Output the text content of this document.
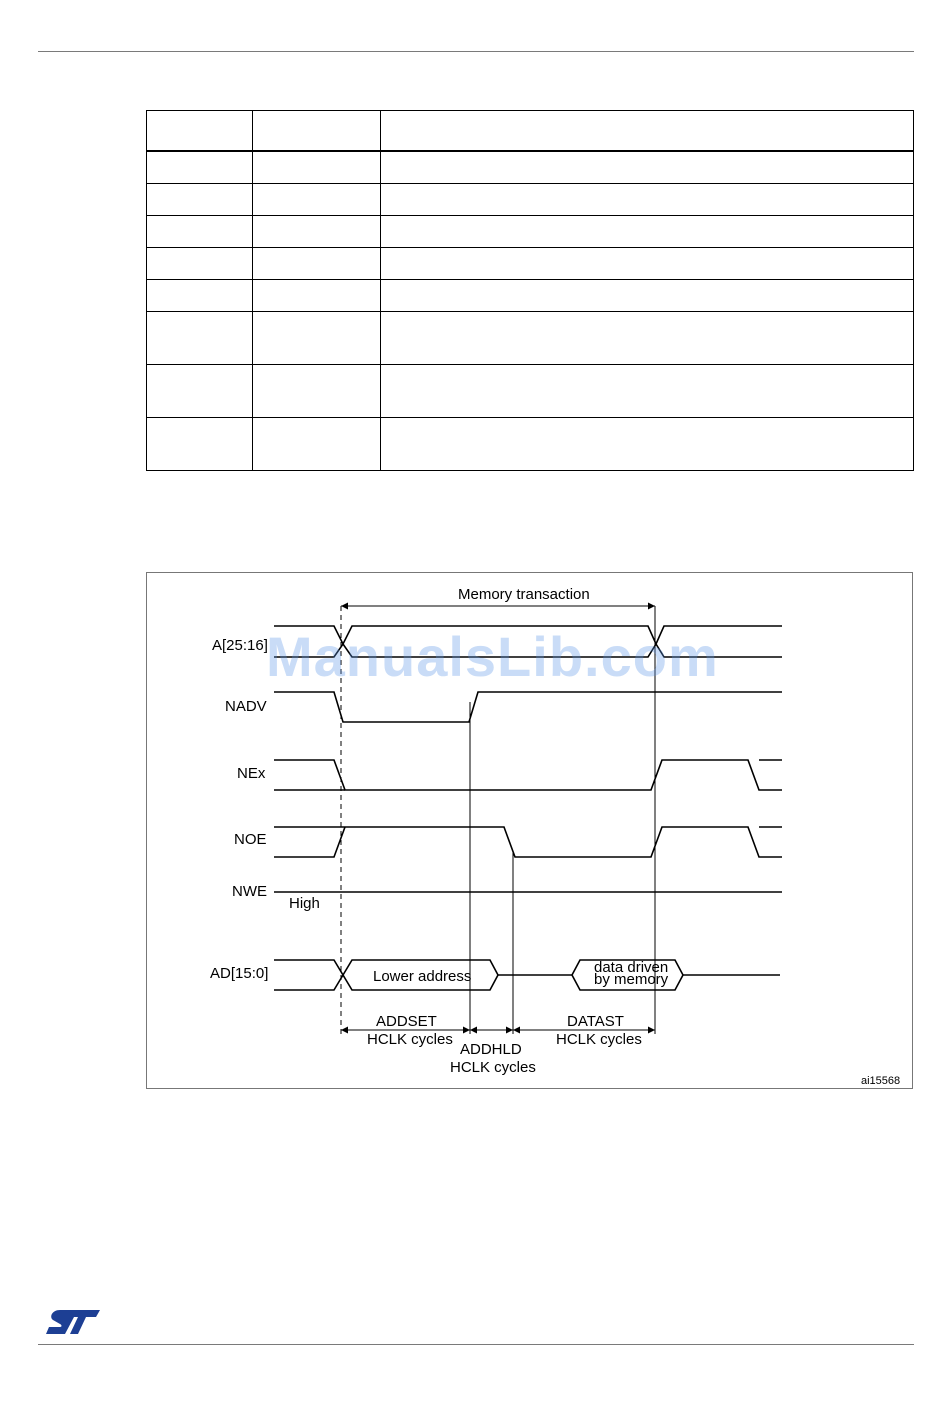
Memory transaction
A[25:16]
NADV
NEx
NOE
NWE
High
AD[15:0]	Lower address
data driven
by memory
ADDSET
HCLK cycles
ADDHLD
HCLK cycles
DATAST
HCLK cycles
ai15568
ManualsLib.com
